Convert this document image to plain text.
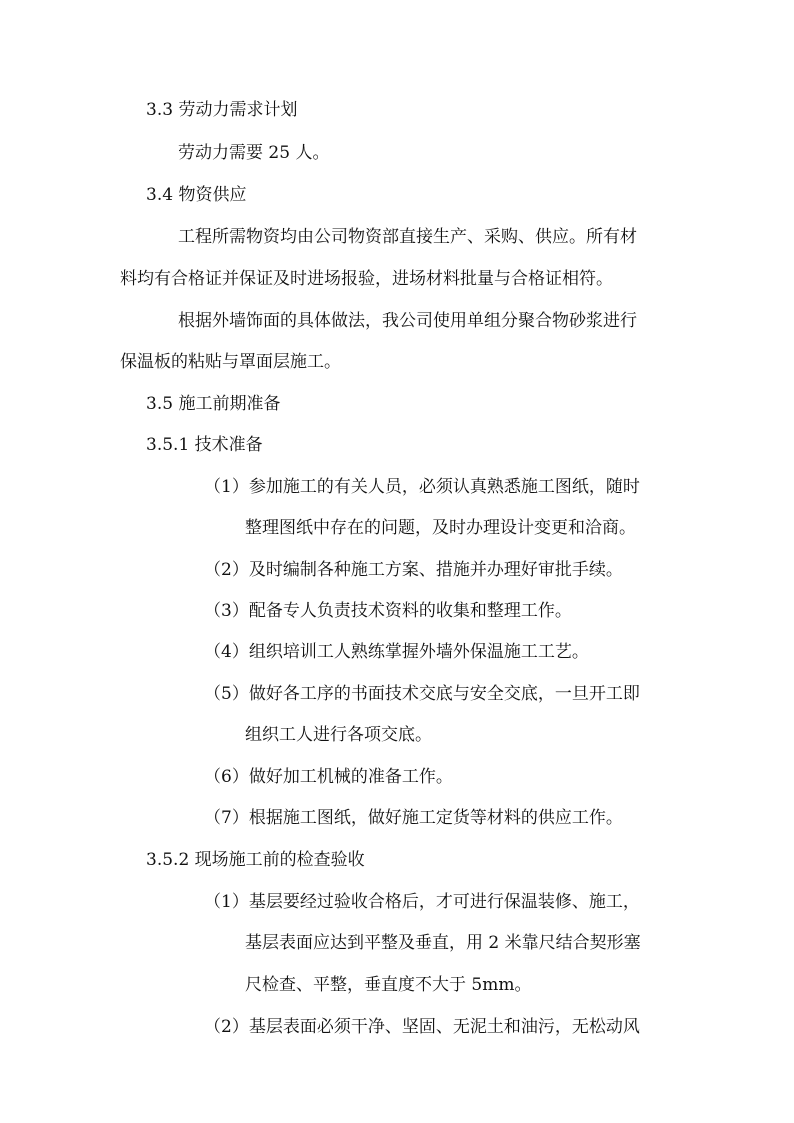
3.3 劳动力需求计划
劳动力需要 25 人。
3.4 物资供应
工程所需物资均由公司物资部直接生产、采购、供应。所有材
料均有合格证并保证及时进场报验，进场材料批量与合格证相符。
根据外墙饰面的具体做法，我公司使用单组分聚合物砂浆进行
保温板的粘贴与罩面层施工。
3.5 施工前期准备
3.5.1 技术准备
（1）参加施工的有关人员，必须认真熟悉施工图纸，随时
整理图纸中存在的问题，及时办理设计变更和洽商。
（2）及时编制各种施工方案、措施并办理好审批手续。
（3）配备专人负责技术资料的收集和整理工作。
（4）组织培训工人熟练掌握外墙外保温施工工艺。
（5）做好各工序的书面技术交底与安全交底，一旦开工即
组织工人进行各项交底。
（6）做好加工机械的准备工作。
（7）根据施工图纸，做好施工定货等材料的供应工作。
3.5.2 现场施工前的检查验收
（1）基层要经过验收合格后，才可进行保温装修、施工，
基层表面应达到平整及垂直，用 2 米靠尺结合契形塞
尺检查、平整，垂直度不大于 5mm。
（2）基层表面必须干净、坚固、无泥土和油污，无松动风
